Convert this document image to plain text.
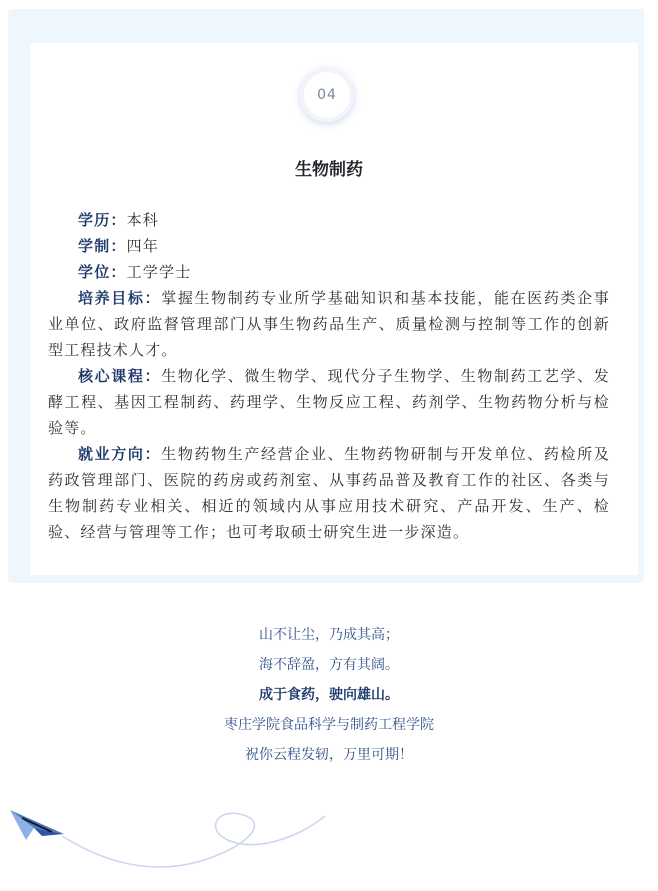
04
生物制药

学历：本科

学制：四年

学位：工学学士

培养目标：掌握生物制药专业所学基础知识和基本技能，能在医药类企事业单位、政府监督管理部门从事生物药品生产、质量检测与控制等工作的创新型工程技术人才。

核心课程：生物化学、微生物学、现代分子生物学、生物制药工艺学、发酵工程、基因工程制药、药理学、生物反应工程、药剂学、生物药物分析与检验等。

就业方向：生物药物生产经营企业、生物药物研制与开发单位、药检所及药政管理部门、医院的药房或药剂室、从事药品普及教育工作的社区、各类与生物制药专业相关、相近的领域内从事应用技术研究、产品开发、生产、检验、经营与管理等工作；也可考取硕士研究生进一步深造。

山不让尘，乃成其高；
海不辞盈，方有其阔。
成于食药，驶向雄山。
枣庄学院食品科学与制药工程学院
祝你云程发轫，万里可期！
